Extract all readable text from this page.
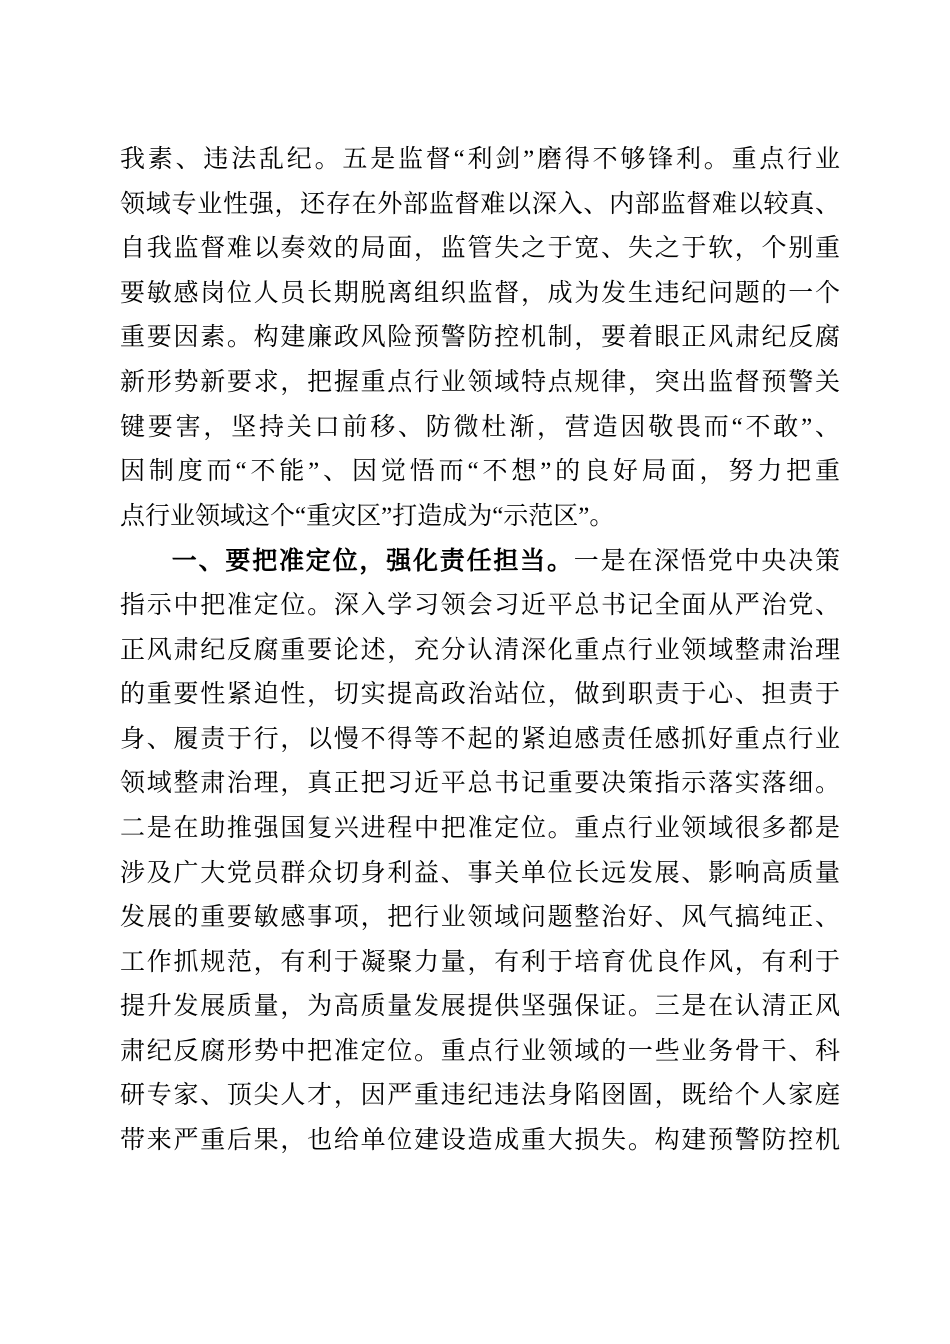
我素、违法乱纪。五是监督“利剑”磨得不够锋利。重点行业
领域专业性强，还存在外部监督难以深入、内部监督难以较真、
自我监督难以奏效的局面，监管失之于宽、失之于软，个别重
要敏感岗位人员长期脱离组织监督，成为发生违纪问题的一个
重要因素。构建廉政风险预警防控机制，要着眼正风肃纪反腐
新形势新要求，把握重点行业领域特点规律，突出监督预警关
键要害，坚持关口前移、防微杜渐，营造因敬畏而“不敢”、
因制度而“不能”、因觉悟而“不想”的良好局面，努力把重
点行业领域这个“重灾区”打造成为“示范区”。
一、要把准定位，强化责任担当。一是在深悟党中央决策
指示中把准定位。深入学习领会习近平总书记全面从严治党、
正风肃纪反腐重要论述，充分认清深化重点行业领域整肃治理
的重要性紧迫性，切实提高政治站位，做到职责于心、担责于
身、履责于行，以慢不得等不起的紧迫感责任感抓好重点行业
领域整肃治理，真正把习近平总书记重要决策指示落实落细。
二是在助推强国复兴进程中把准定位。重点行业领域很多都是
涉及广大党员群众切身利益、事关单位长远发展、影响高质量
发展的重要敏感事项，把行业领域问题整治好、风气搞纯正、
工作抓规范，有利于凝聚力量，有利于培育优良作风，有利于
提升发展质量，为高质量发展提供坚强保证。三是在认清正风
肃纪反腐形势中把准定位。重点行业领域的一些业务骨干、科
研专家、顶尖人才，因严重违纪违法身陷囹圄，既给个人家庭
带来严重后果，也给单位建设造成重大损失。构建预警防控机
